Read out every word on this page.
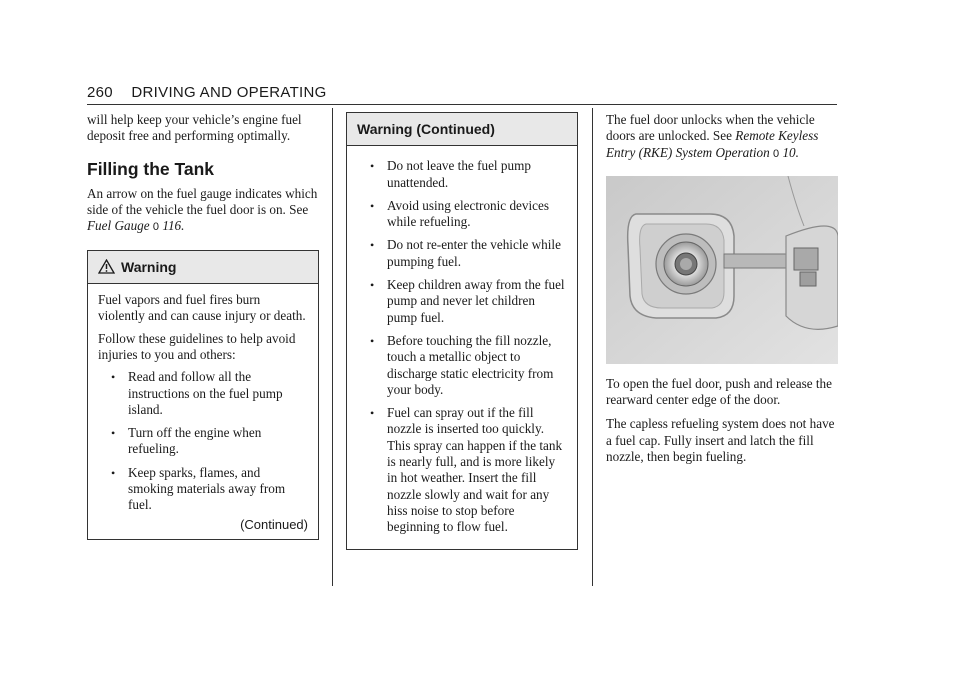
260 DRIVING AND OPERATING

will help keep your vehicle’s engine fuel deposit free and performing optimally.

Filling the Tank

An arrow on the fuel gauge indicates which side of the vehicle the fuel door is on. See Fuel Gauge 0 116.

Warning

Fuel vapors and fuel fires burn violently and can cause injury or death.

Follow these guidelines to help avoid injuries to you and others:

• Read and follow all the instructions on the fuel pump island.
• Turn off the engine when refueling.
• Keep sparks, flames, and smoking materials away from fuel.
(Continued)
Warning (Continued)
• Do not leave the fuel pump unattended.
• Avoid using electronic devices while refueling.
• Do not re-enter the vehicle while pumping fuel.
• Keep children away from the fuel pump and never let children pump fuel.
• Before touching the fill nozzle, touch a metallic object to discharge static electricity from your body.
• Fuel can spray out if the fill nozzle is inserted too quickly. This spray can happen if the tank is nearly full, and is more likely in hot weather. Insert the fill nozzle slowly and wait for any hiss noise to stop before beginning to flow fuel.

The fuel door unlocks when the vehicle doors are unlocked. See Remote Keyless Entry (RKE) System Operation 0 10.

To open the fuel door, push and release the rearward center edge of the door.

The capless refueling system does not have a fuel cap. Fully insert and latch the fill nozzle, then begin fueling.
